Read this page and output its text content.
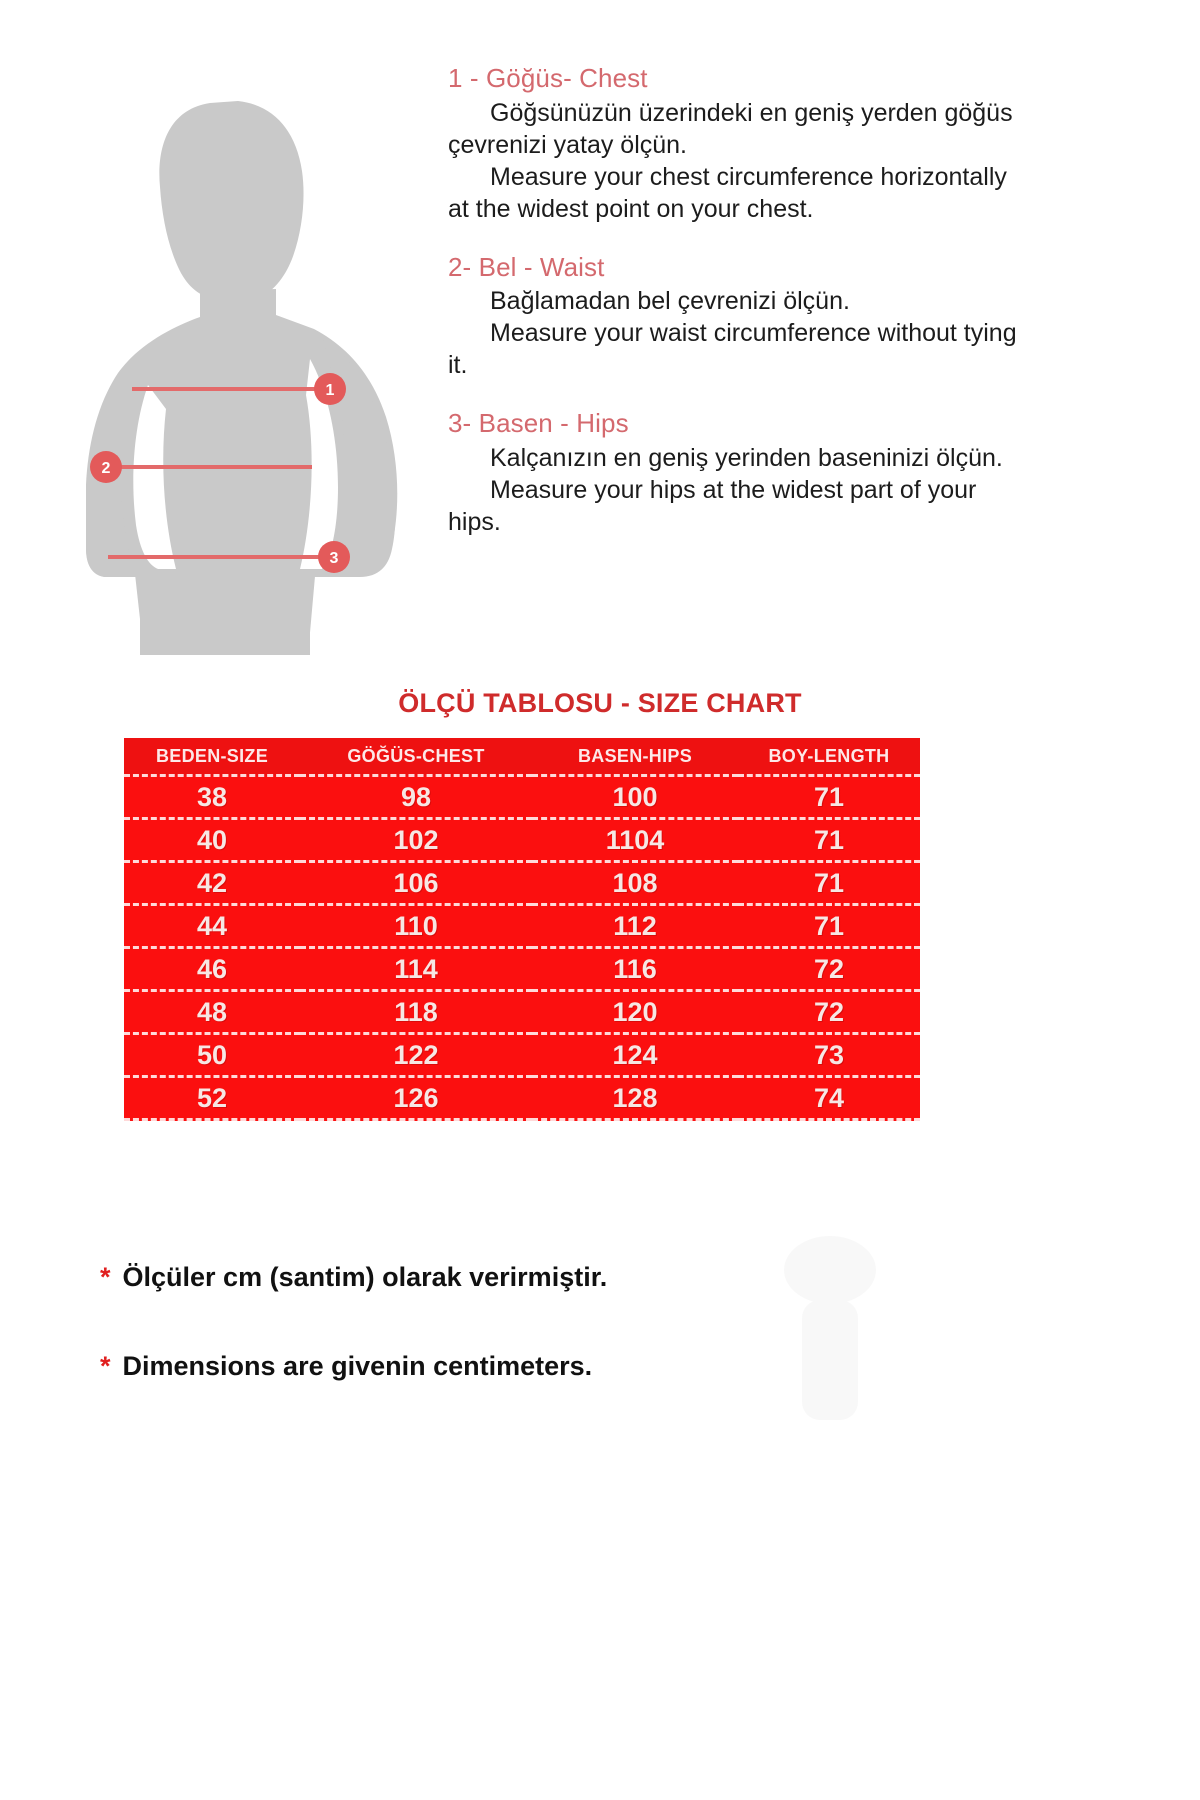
1
2
3
1 - Göğüs- Chest

Göğsünüzün üzerindeki en geniş yerden göğüs çevrenizi yatay ölçün.

Measure your chest circumference horizontally at the widest point on your chest.

2- Bel - Waist

Bağlamadan bel çevrenizi ölçün.

Measure your waist circumference without tying it.

3- Basen - Hips

Kalçanızın en geniş yerinden baseninizi ölçün.

Measure your hips at the widest part of your hips.

ÖLÇÜ TABLOSU - SIZE CHART
BEDEN-SIZE	GÖĞÜS-CHEST	BASEN-HIPS	BOY-LENGTH
38	98	100	71
40	102	1104	71
42	106	108	71
44	110	112	71
46	114	116	72
48	118	120	72
50	122	124	73
52	126	128	74
* Ölçüler cm (santim) olarak verirmiştir.
* Dimensions are givenin centimeters.
